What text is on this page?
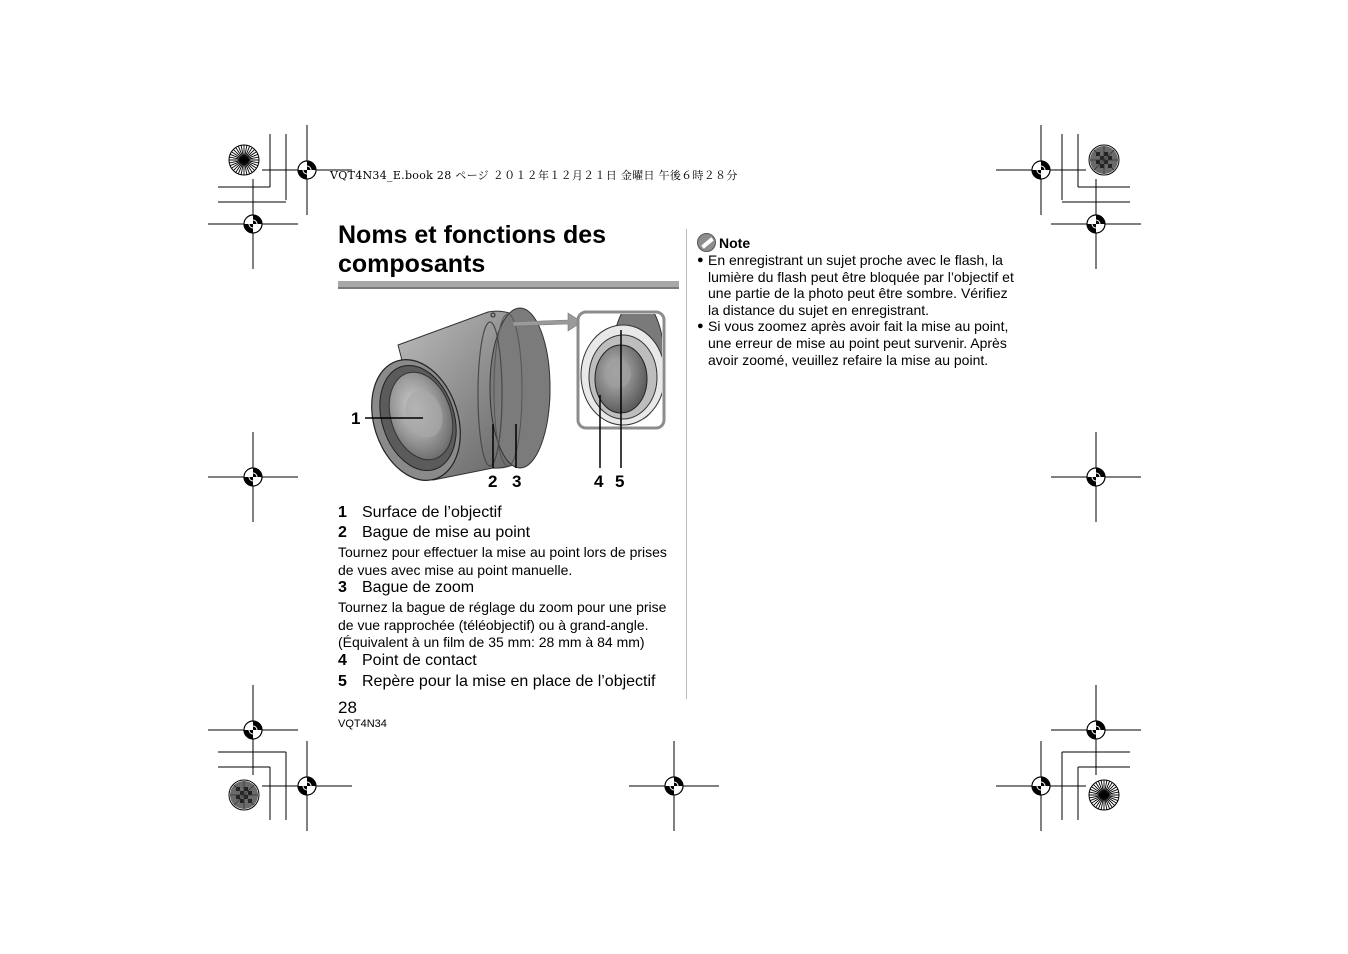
VQT4N34_E.book 28 ページ ２０１２年１２月２１日 金曜日 午後６時２８分
Noms et fonctions des
composants
1
2 3	4 5
1 Surface de l’objectif
2 Bague de mise au point
Tournez pour effectuer la mise au point lors de prises
de vues avec mise au point manuelle.
3 Bague de zoom
Tournez la bague de réglage du zoom pour une prise
de vue rapprochée (téléobjectif) ou à grand-angle.
(Équivalent à un film de 35 mm: 28 mm à 84 mm)
4 Point de contact
5 Repère pour la mise en place de l’objectif
Note
● En enregistrant un sujet proche avec le flash, la
lumière du flash peut être bloquée par l’objectif et
une partie de la photo peut être sombre. Vérifiez
la distance du sujet en enregistrant.
● Si vous zoomez après avoir fait la mise au point,
une erreur de mise au point peut survenir. Après
avoir zoomé, veuillez refaire la mise au point.
28
VQT4N34
